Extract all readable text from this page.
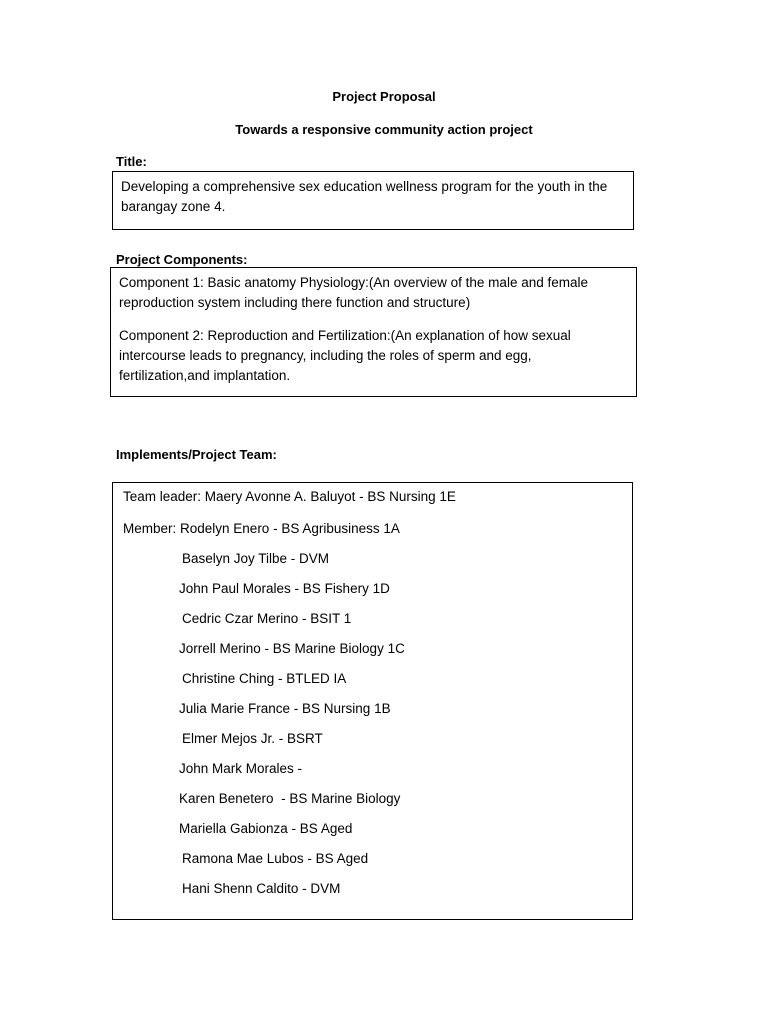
Project Proposal
Towards a responsive community action project
Title:

Developing a comprehensive sex education wellness program for the youth in the barangay zone 4.

Project Components:

Component 1: Basic anatomy Physiology:(An overview of the male and female reproduction system including there function and structure)

Component 2: Reproduction and Fertilization:(An explanation of how sexual intercourse leads to pregnancy, including the roles of sperm and egg, fertilization,and implantation.

Implements/Project Team:
Team leader: Maery Avonne A. Baluyot - BS Nursing 1E
Member: Rodelyn Enero - BS Agribusiness 1A
Baselyn Joy Tilbe - DVM
John Paul Morales - BS Fishery 1D
Cedric Czar Merino - BSIT 1
Jorrell Merino - BS Marine Biology 1C
Christine Ching - BTLED IA
Julia Marie France - BS Nursing 1B
Elmer Mejos Jr. - BSRT
John Mark Morales -
Karen Benetero  - BS Marine Biology
Mariella Gabionza - BS Aged
Ramona Mae Lubos - BS Aged
Hani Shenn Caldito - DVM
